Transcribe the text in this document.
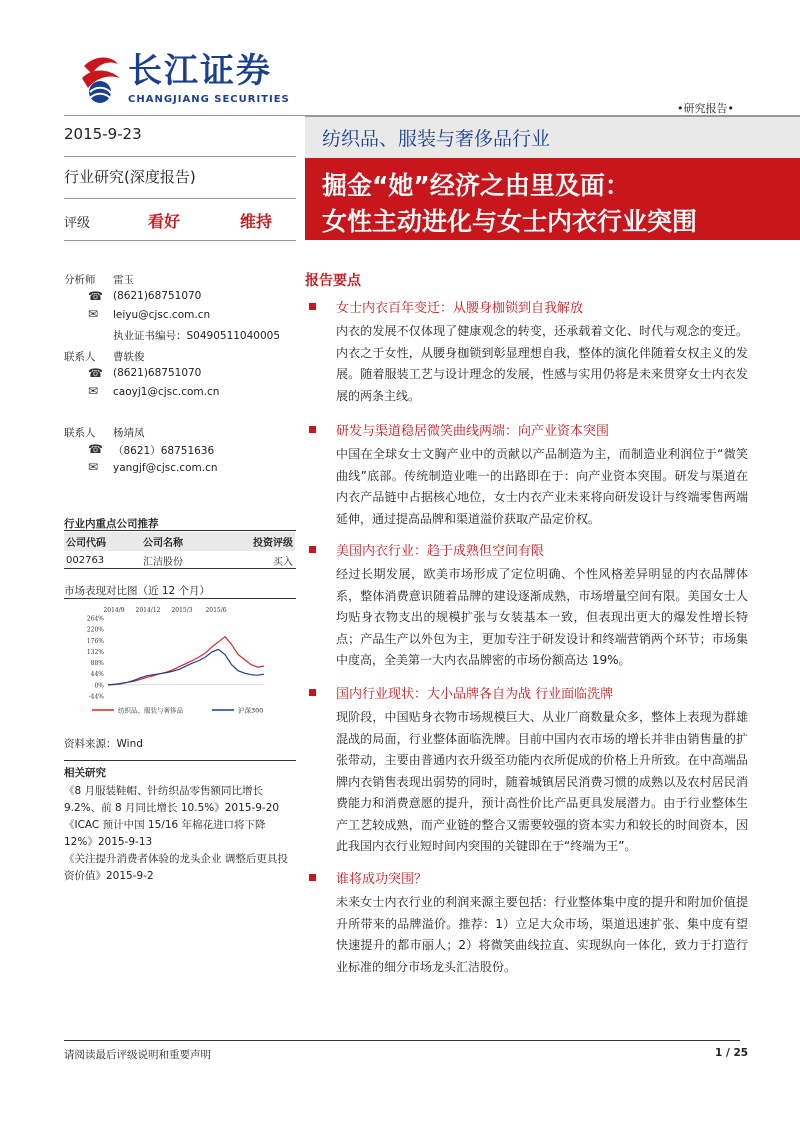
长江证券
CHANGJIANG SECURITIES
•研究报告•
2015-9-23
行业研究(深度报告)
评级	看好	维持
纺织品、服装与奢侈品行业
掘金“她”经济之由里及面：
女性主动进化与女士内衣行业突围
分析师 雷玉
☎ (8621)68751070
✉ leiyu@cjsc.com.cn
执业证书编号：S0490511040005
联系人 曹轶俊
☎ (8621)68751070
✉ caoyj1@cjsc.com.cn
联系人 杨靖凤
☎ （8621）68751636
✉ yangjf@cjsc.com.cn
行业内重点公司推荐
公司代码	公司名称	投资评级
002763	汇洁股份	买入
市场表现对比图（近 12 个月）
264%
220%
176%
132%
88%
44%
0%
-44%
2014/9 2014/12 2015/3 2015/6
纺织品、服装与奢侈品	沪深300
资料来源：Wind
相关研究
《8 月服装鞋帽、针纺织品零售额同比增长 9.2%、前 8 月同比增长 10.5%》2015-9-20
《ICAC 预计中国 15/16 年棉花进口将下降 12%》2015-9-13
《关注提升消费者体验的龙头企业 调整后更具投资价值》2015-9-2
报告要点
女士内衣百年变迁：从腰身枷锁到自我解放
内衣的发展不仅体现了健康观念的转变，还承载着文化、时代与观念的变迁。内衣之于女性，从腰身枷锁到彰显理想自我，整体的演化伴随着女权主义的发展。随着服装工艺与设计理念的发展，性感与实用仍将是未来贯穿女士内衣发展的两条主线。
研发与渠道稳居微笑曲线两端：向产业资本突围
中国在全球女士文胸产业中的贡献以产品制造为主，而制造业利润位于“微笑曲线”底部。传统制造业唯一的出路即在于：向产业资本突围。研发与渠道在内衣产品链中占据核心地位，女士内衣产业未来将向研发设计与终端零售两端延伸，通过提高品牌和渠道溢价获取产品定价权。
美国内衣行业：趋于成熟但空间有限
经过长期发展，欧美市场形成了定位明确、个性风格差异明显的内衣品牌体系，整体消费意识随着品牌的建设逐渐成熟，市场增量空间有限。美国女士人均贴身衣物支出的规模扩张与女装基本一致，但表现出更大的爆发性增长特点；产品生产以外包为主，更加专注于研发设计和终端营销两个环节；市场集中度高，全美第一大内衣品牌密的市场份额高达 19%。
国内行业现状：大小品牌各自为战 行业面临洗牌
现阶段，中国贴身衣物市场规模巨大、从业厂商数量众多，整体上表现为群雄混战的局面，行业整体面临洗牌。目前中国内衣市场的增长并非由销售量的扩张带动，主要由普通内衣升级至功能内衣所促成的价格上升所致。在中高端品牌内衣销售表现出弱势的同时，随着城镇居民消费习惯的成熟以及农村居民消费能力和消费意愿的提升，预计高性价比产品更具发展潜力。由于行业整体生产工艺较成熟，而产业链的整合又需要较强的资本实力和较长的时间资本，因此我国内衣行业短时间内突围的关键即在于“终端为王”。
谁将成功突围？
未来女士内衣行业的利润来源主要包括：行业整体集中度的提升和附加价值提升所带来的品牌溢价。推荐：1）立足大众市场，渠道迅速扩张、集中度有望快速提升的都市丽人；2）将微笑曲线拉直、实现纵向一体化，致力于打造行业标准的细分市场龙头汇洁股份。
请阅读最后评级说明和重要声明	1 / 25
